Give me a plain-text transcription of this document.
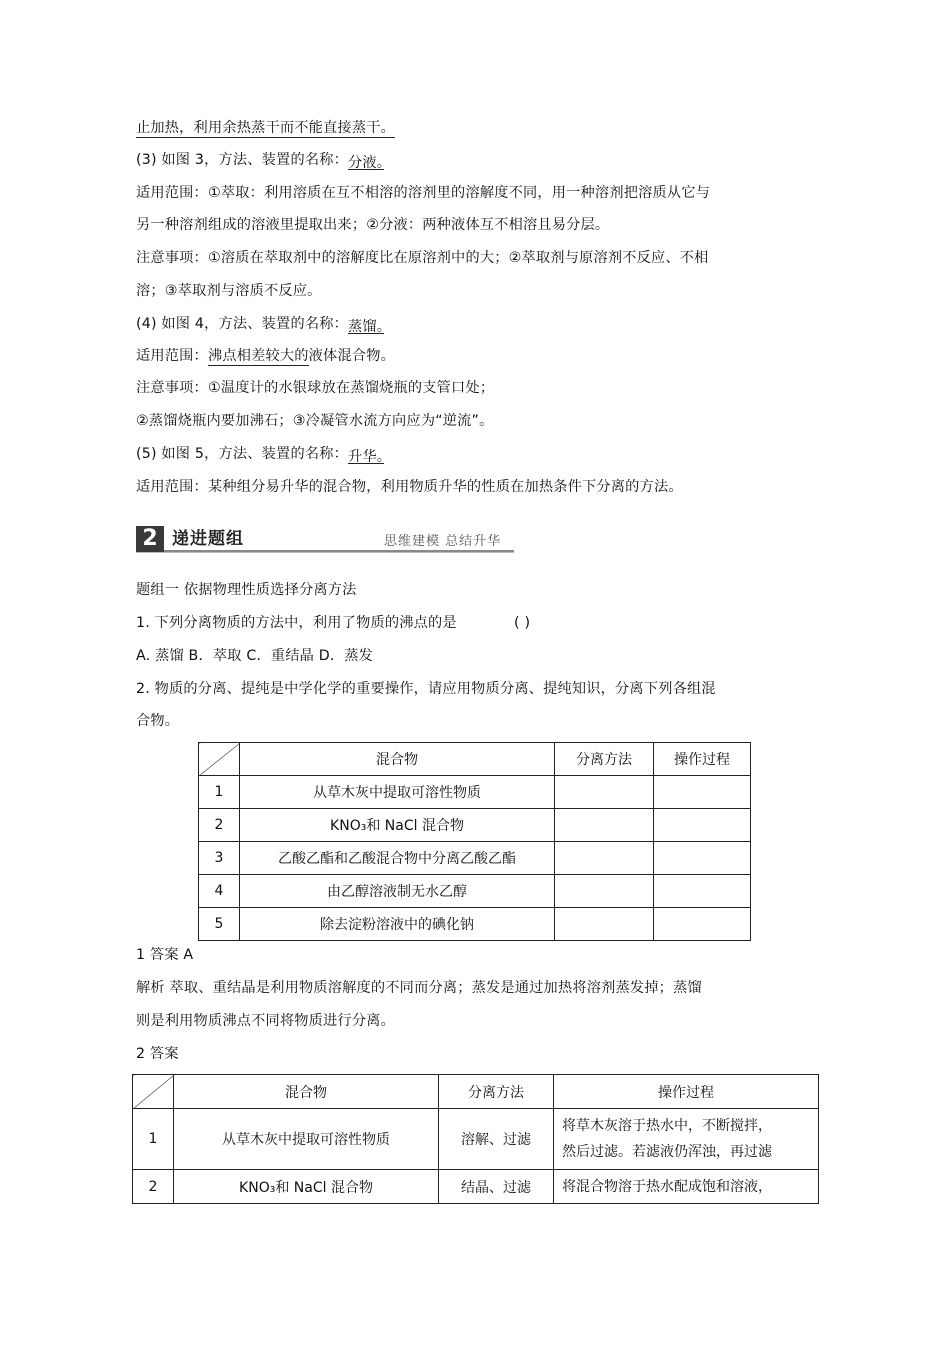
止加热，利用余热蒸干而不能直接蒸干。
(3) 如图 3，方法、装置的名称：分液。
适用范围：①萃取：利用溶质在互不相溶的溶剂里的溶解度不同，用一种溶剂把溶质从它与
另一种溶剂组成的溶液里提取出来；②分液：两种液体互不相溶且易分层。
注意事项：①溶质在萃取剂中的溶解度比在原溶剂中的大；②萃取剂与原溶剂不反应、不相
溶；③萃取剂与溶质不反应。
(4) 如图 4，方法、装置的名称：蒸馏。
适用范围：沸点相差较大的液体混合物。
注意事项：①温度计的水银球放在蒸馏烧瓶的支管口处；
②蒸馏烧瓶内要加沸石；③冷凝管水流方向应为“逆流”。
(5) 如图 5，方法、装置的名称：升华。
适用范围：某种组分易升华的混合物，利用物质升华的性质在加热条件下分离的方法。
2 递进题组	思维建模 总结升华
题组一 依据物理性质选择分离方法
1. 下列分离物质的方法中，利用了物质的沸点的是	( )
A. 蒸馏 B．萃取 C．重结晶 D．蒸发
2. 物质的分离、提纯是中学化学的重要操作，请应用物质分离、提纯知识，分离下列各组混
合物。
	混合物	分离方法	操作过程
1	从草木灰中提取可溶性物质		
2	KNO₃和 NaCl 混合物		
3	乙酸乙酯和乙酸混合物中分离乙酸乙酯		
4	由乙醇溶液制无水乙醇		
5	除去淀粉溶液中的碘化钠		
1 答案 A
解析 萃取、重结晶是利用物质溶解度的不同而分离；蒸发是通过加热将溶剂蒸发掉；蒸馏
则是利用物质沸点不同将物质进行分离。
2 答案
	混合物	分离方法	操作过程
1	从草木灰中提取可溶性物质	溶解、过滤	将草木灰溶于热水中，不断搅拌，
然后过滤。若滤液仍浑浊，再过滤

2	KNO₃和 NaCl 混合物	结晶、过滤	将混合物溶于热水配成饱和溶液，
